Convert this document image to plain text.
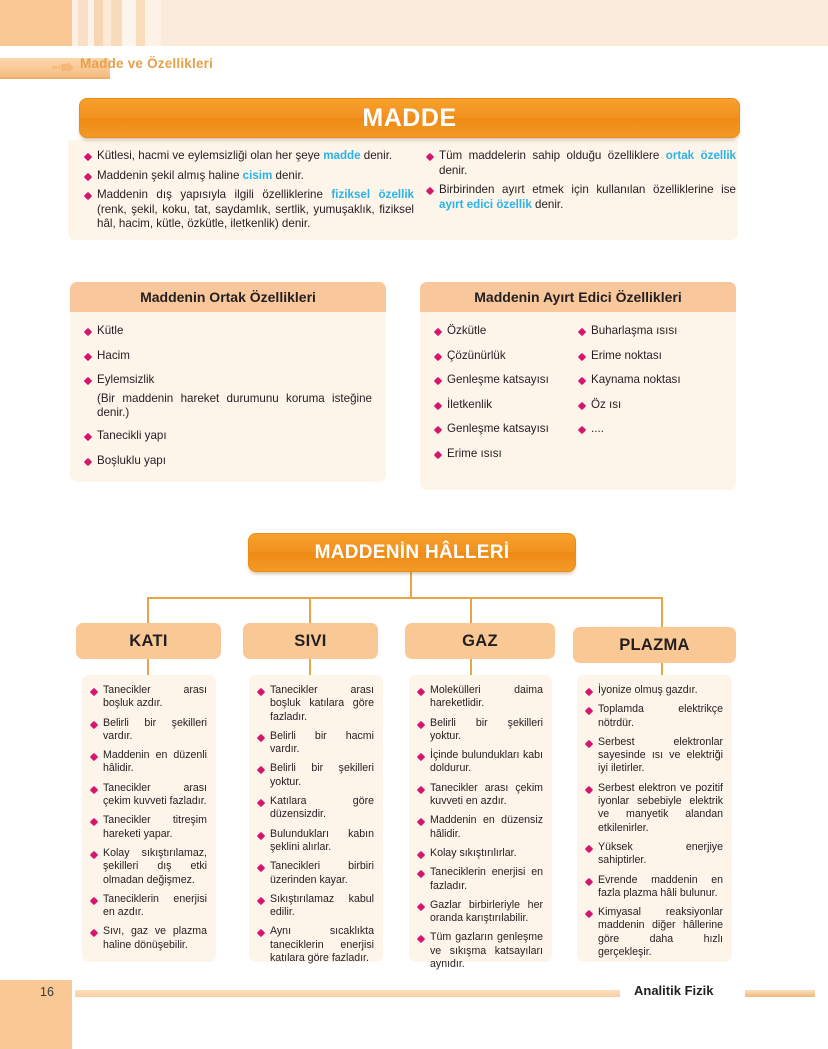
Madde ve Özellikleri
Kütlesi, hacmi ve eylemsizliği olan her şeye madde denir.
Maddenin şekil almış haline cisim denir.
Maddenin dış yapısıyla ilgili özelliklerine fiziksel özellik (renk, şekil, koku, tat, saydamlık, sertlik, yumuşaklık, fiziksel hâl, hacim, kütle, özkütle, iletkenlik) denir.
Tüm maddelerin sahip olduğu özelliklere ortak özellik denir.
Birbirinden ayırt etmek için kullanılan özelliklerine ise ayırt edici özellik denir.
MADDE
Maddenin Ortak Özellikleri
Kütle
Hacim
Eylemsizlik
(Bir maddenin hareket durumunu koruma isteğine denir.)
Tanecikli yapı
Boşluklu yapı
Maddenin Ayırt Edici Özellikleri
Özkütle
Çözünürlük
Genleşme katsayısı
İletkenlik
Genleşme katsayısı
Erime ısısı
Buharlaşma ısısı
Erime noktası
Kaynama noktası
Öz ısı
....
MADDENİN HÂLLERİ
KATI	SIVI	GAZ	PLAZMA
Tanecikler arası boşluk azdır.
Belirli bir şekilleri vardır.
Maddenin en düzenli hâlidir.
Tanecikler arası çekim kuvveti fazladır.
Tanecikler titreşim hareketi yapar.
Kolay sıkıştırılamaz, şekilleri dış etki olmadan değişmez.
Taneciklerin enerjisi en azdır.
Sıvı, gaz ve plazma haline dönüşebilir.
Tanecikler arası boşluk katılara göre fazladır.
Belirli bir hacmi vardır.
Belirli bir şekilleri yoktur.
Katılara göre düzensizdir.
Bulundukları kabın şeklini alırlar.
Tanecikleri birbiri üzerinden kayar.
Sıkıştırılamaz kabul edilir.
Aynı sıcaklıkta taneciklerin enerjisi katılara göre fazladır.
Molekülleri daima hareketlidir.
Belirli bir şekilleri yoktur.
İçinde bulundukları kabı doldurur.
Tanecikler arası çekim kuvveti en azdır.
Maddenin en düzensiz hâlidir.
Kolay sıkıştırılırlar.
Taneciklerin enerjisi en fazladır.
Gazlar birbirleriyle her oranda karıştırılabilir.
Tüm gazların genleşme ve sıkışma katsayıları aynıdır.
İyonize olmuş gazdır.
Toplamda elektrikçe nötrdür.
Serbest elektronlar sayesinde ısı ve elektriği iyi iletirler.
Serbest elektron ve pozitif iyonlar sebebiyle elektrik ve manyetik alandan etkilenirler.
Yüksek enerjiye sahiptirler.
Evrende maddenin en fazla plazma hâli bulunur.
Kimyasal reaksiyonlar maddenin diğer hâllerine göre daha hızlı gerçekleşir.
16	Analitik Fizik
